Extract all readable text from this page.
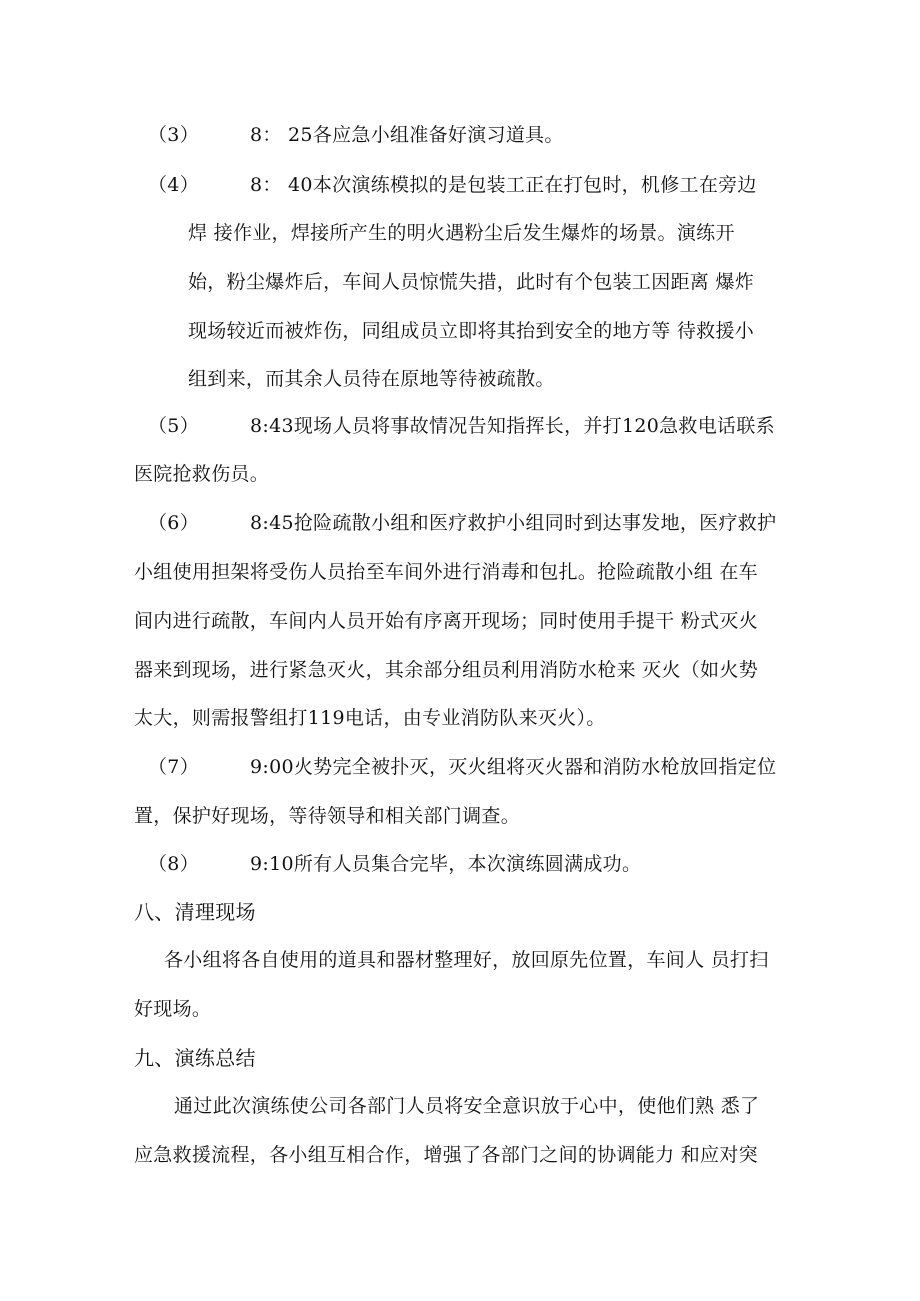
（3）	8： 25各应急小组准备好演习道具。
（4）	8： 40本次演练模拟的是包装工正在打包时，机修工在旁边
焊 接作业，焊接所产生的明火遇粉尘后发生爆炸的场景。演练开
始，粉尘爆炸后，车间人员惊慌失措，此时有个包装工因距离 爆炸
现场较近而被炸伤，同组成员立即将其抬到安全的地方等 待救援小
组到来，而其余人员待在原地等待被疏散。
（5）	8:43现场人员将事故情况告知指挥长，并打120急救电话联系
医院抢救伤员。
（6）	8:45抢险疏散小组和医疗救护小组同时到达事发地，医疗救护
小组使用担架将受伤人员抬至车间外进行消毒和包扎。抢险疏散小组 在车
间内进行疏散，车间内人员开始有序离开现场；同时使用手提干 粉式灭火
器来到现场，进行紧急灭火，其余部分组员利用消防水枪来 灭火（如火势
太大，则需报警组打119电话，由专业消防队来灭火）。
（7）	9:00火势完全被扑灭，灭火组将灭火器和消防水枪放回指定位
置，保护好现场，等待领导和相关部门调查。
（8）	9:10所有人员集合完毕，本次演练圆满成功。
八、清理现场
各小组将各自使用的道具和器材整理好，放回原先位置，车间人 员打扫
好现场。
九、演练总结
通过此次演练使公司各部门人员将安全意识放于心中，使他们熟 悉了
应急救援流程，各小组互相合作，增强了各部门之间的协调能力 和应对突
